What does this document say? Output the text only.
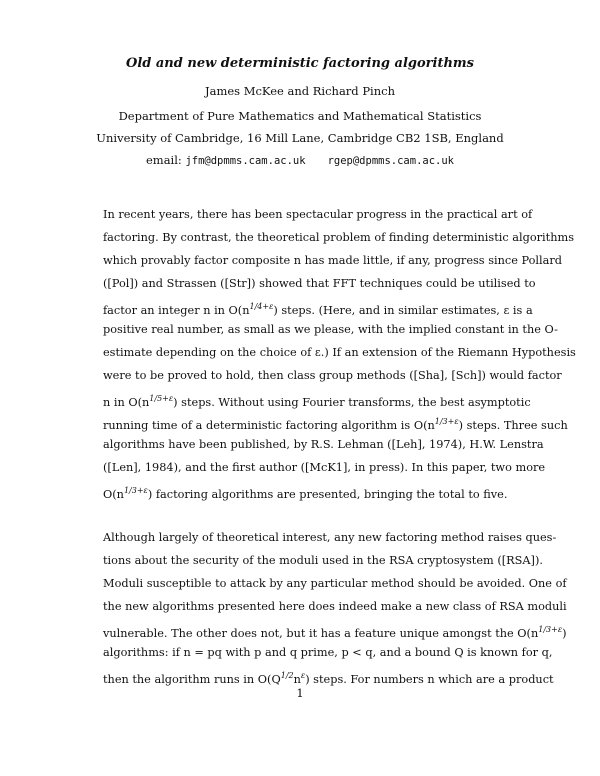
Old and new deterministic factoring algorithms
James McKee and Richard Pinch
Department of Pure Mathematics and Mathematical Statistics
University of Cambridge, 16 Mill Lane, Cambridge CB2 1SB, England
email: jfm@dpmms.cam.ac.uk rgep@dpmms.cam.ac.uk
In recent years, there has been spectacular progress in the practical art of
factoring. By contrast, the theoretical problem of finding deterministic algorithms
which provably factor composite n has made little, if any, progress since Pollard
([Pol]) and Strassen ([Str]) showed that FFT techniques could be utilised to
factor an integer n in $O(n^{1/4+\varepsilon})$ steps. (Here, and in similar estimates, ε is a
positive real number, as small as we please, with the implied constant in the O-
estimate depending on the choice of ε.) If an extension of the Riemann Hypothesis
were to be proved to hold, then class group methods ([Sha], [Sch]) would factor
n in $O(n^{1/5+\varepsilon})$ steps. Without using Fourier transforms, the best asymptotic
running time of a deterministic factoring algorithm is $O(n^{1/3+\varepsilon})$ steps. Three such
algorithms have been published, by R.S. Lehman ([Leh], 1974), H.W. Lenstra
([Len], 1984), and the first author ([McK1], in press). In this paper, two more
$O(n^{1/3+\varepsilon})$ factoring algorithms are presented, bringing the total to five.
Although largely of theoretical interest, any new factoring method raises ques-
tions about the security of the moduli used in the RSA cryptosystem ([RSA]).
Moduli susceptible to attack by any particular method should be avoided. One of
the new algorithms presented here does indeed make a new class of RSA moduli
vulnerable. The other does not, but it has a feature unique amongst the $O(n^{1/3+\varepsilon})$
algorithms: if n = pq with p and q prime, p < q, and a bound Q is known for q,
then the algorithm runs in $O(Q^{1/2}n^\varepsilon)$ steps. For numbers n which are a product
1
